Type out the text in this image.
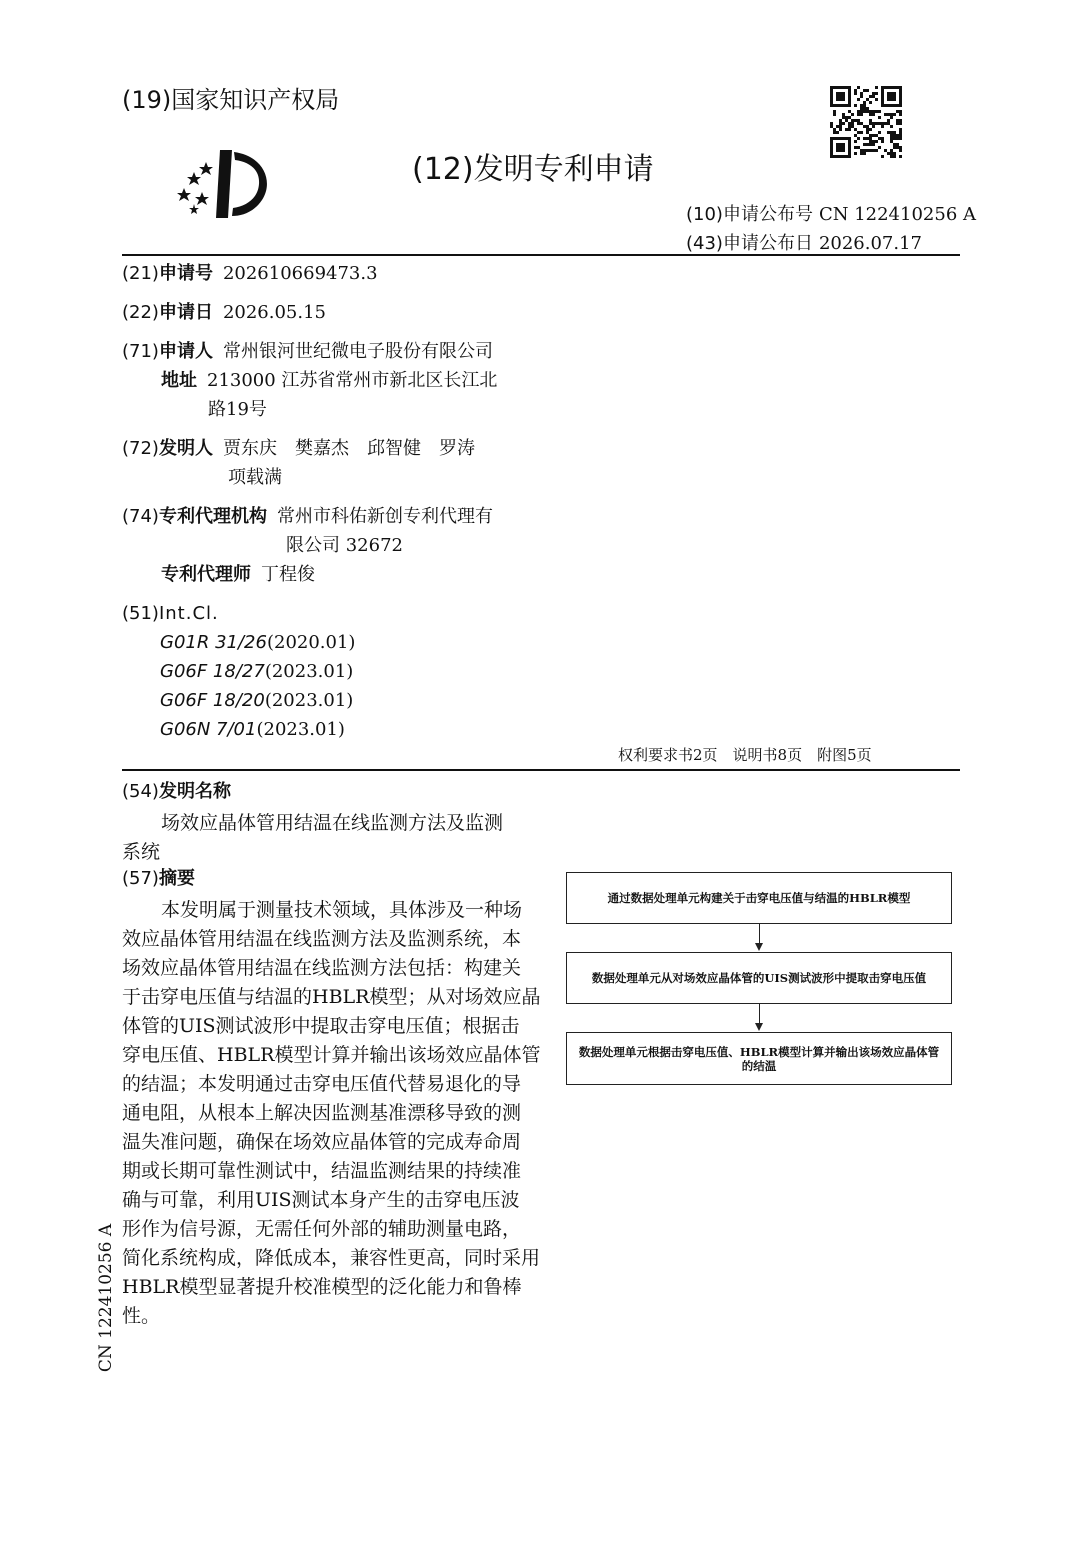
(19)国家知识产权局
(12)发明专利申请
(10)申请公布号 CN 122410256 A
(43)申请公布日 2026.07.17
(21)申请号 202610669473.3
(22)申请日 2026.05.15
(71)申请人 常州银河世纪微电子股份有限公司
地址 213000 江苏省常州市新北区长江北
路19号
(72)发明人 贾东庆　樊嘉杰　邱智健　罗涛
项载满
(74)专利代理机构 常州市科佑新创专利代理有
限公司 32672
专利代理师 丁程俊
(51)Int.Cl.
G01R 31/26(2020.01)
G06F 18/27(2023.01)
G06F 18/20(2023.01)
G06N 7/01(2023.01)
权利要求书2页　说明书8页　附图5页
(54)发明名称
场效应晶体管用结温在线监测方法及监测
系统
(57)摘要
本发明属于测量技术领域，具体涉及一种场
效应晶体管用结温在线监测方法及监测系统，本
场效应晶体管用结温在线监测方法包括：构建关
于击穿电压值与结温的HBLR模型；从对场效应晶
体管的UIS测试波形中提取击穿电压值；根据击
穿电压值、HBLR模型计算并输出该场效应晶体管
的结温；本发明通过击穿电压值代替易退化的导
通电阻，从根本上解决因监测基准漂移导致的测
温失准问题，确保在场效应晶体管的完成寿命周
期或长期可靠性测试中，结温监测结果的持续准
确与可靠，利用UIS测试本身产生的击穿电压波
形作为信号源，无需任何外部的辅助测量电路，
简化系统构成，降低成本，兼容性更高，同时采用
HBLR模型显著提升校准模型的泛化能力和鲁棒
性。
通过数据处理单元构建关于击穿电压值与结温的HBLR模型
数据处理单元从对场效应晶体管的UIS测试波形中提取击穿电压值
数据处理单元根据击穿电压值、HBLR模型计算并输出该场效应晶体管的结温
CN 122410256 A
